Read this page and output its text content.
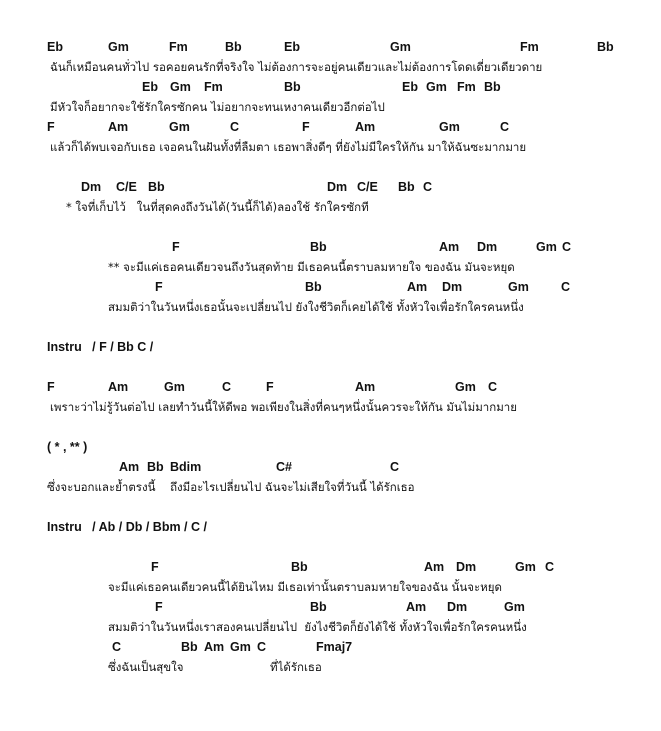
Eb	Gm	Fm	Bb	Eb	Gm	Fm	Bb
ฉันก็เหมือนคนทั่วไป รอคอยคนรักที่จริงใจ ไม่ต้องการจะอยู่คนเดียวและไม่ต้องการโดดเดี่ยวเดียวดาย
Eb Gm Fm	Bb	Eb Gm Fm Bb
มีหัวใจก็อยากจะใช้รักใครซักคน ไม่อยากจะทนเหงาคนเดียวอีกต่อไป
F	Am	Gm	C	F	Am	Gm	C
แล้วก็ได้พบเจอกับเธอ เจอคนในฝันทั้งที่ลืมตา เธอพาสิ่งดีๆ ที่ยังไม่มีใครให้กัน มาให้ฉันซะมากมาย
Dm C/E Bb	Dm C/E Bb C
* ใจที่เก็บไว้   ในที่สุดคงถึงวันได้(วันนี้ก็ได้)ลองใช้ รักใครซักที
F	Bb	Am Dm	Gm C
** จะมีแค่เธอคนเดียวจนถึงวันสุดท้าย มีเธอคนนี้ตราบลมหายใจ ของฉัน มันจะหยุด
F	Bb	Am Dm	Gm	C
สมมติว่าในวันหนึ่งเธอนั้นจะเปลี่ยนไป ยังใงชีวิตก็เคยได้ใช้ ทั้งหัวใจเพื่อรักใครคนหนึ่ง
Instru   / F / Bb C /
F	Am	Gm	C	F	Am	Gm C
เพราะว่าไม่รู้วันต่อไป เลยทำวันนี้ให้ดีพอ พอเพียงในสิ่งที่คนๆหนึ่งนั้นควรจะให้กัน มันไม่มากมาย
( * , ** )
Am Bb Bdim	C#	C
ซึ่งจะบอกและย้ำตรงนี้    ถึงมีอะไรเปลี่ยนไป ฉันจะไม่เสียใจที่วันนี้ ได้รักเธอ
Instru   / Ab / Db / Bbm / C /
F	Bb	Am Dm	Gm C
จะมีแค่เธอคนเดียวคนนี้ได้ยินไหม มีเธอเท่านั้นตราบลมหายใจของฉัน นั้นจะหยุด
F	Bb	Am Dm	Gm
สมมติว่าในวันหนึ่งเราสองคนเปลี่ยนไป  ยังไงชีวิตก็ยังได้ใช้ ทั้งหัวใจเพื่อรักใครคนหนึ่ง
C	Bb Am Gm C	Fmaj7
ซึ่งฉันเป็นสุขใจ	ที่ได้รักเธอ
